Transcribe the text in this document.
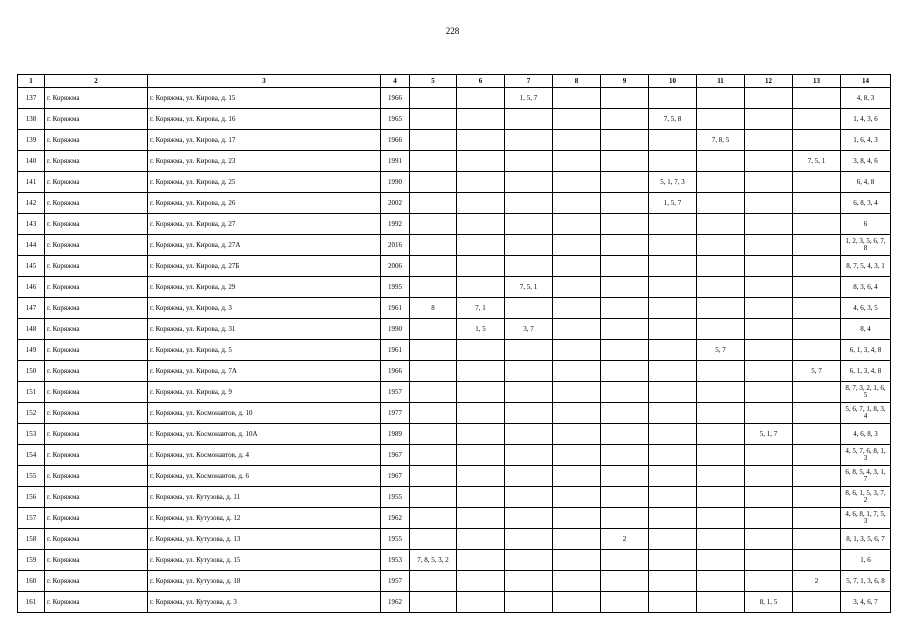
228
1	2	3	4	5	6	7	8	9	10	11	12	13	14
137	г. Коряжма	г. Коряжма, ул. Кирова, д. 15	1966			1, 5, 7							4, 8, 3
138	г. Коряжма	г. Коряжма, ул. Кирова, д. 16	1965						7, 5, 8				1, 4, 3, 6
139	г. Коряжма	г. Коряжма, ул. Кирова, д. 17	1966							7, 8, 5			1, 6, 4, 3
140	г. Коряжма	г. Коряжма, ул. Кирова, д. 23	1991									7, 5, 1	3, 8, 4, 6
141	г. Коряжма	г. Коряжма, ул. Кирова, д. 25	1990						5, 1, 7, 3				6, 4, 8
142	г. Коряжма	г. Коряжма, ул. Кирова, д. 26	2002						1, 5, 7				6, 8, 3, 4
143	г. Коряжма	г. Коряжма, ул. Кирова, д. 27	1992										6
144	г. Коряжма	г. Коряжма, ул. Кирова, д. 27А	2016										1, 2, 3, 5, 6, 7, 8
145	г. Коряжма	г. Коряжма, ул. Кирова, д. 27Б	2006										8, 7, 5, 4, 3, 1
146	г. Коряжма	г. Коряжма, ул. Кирова, д. 29	1995			7, 5, 1							8, 3, 6, 4
147	г. Коряжма	г. Коряжма, ул. Кирова, д. 3	1961	8	7, 1								4, 6, 3, 5
148	г. Коряжма	г. Коряжма, ул. Кирова, д. 31	1990		1, 5	3, 7							8, 4
149	г. Коряжма	г. Коряжма, ул. Кирова, д. 5	1961							5, 7			6, 1, 3, 4, 8
150	г. Коряжма	г. Коряжма, ул. Кирова, д. 7А	1966									5, 7	6, 1, 3, 4, 8
151	г. Коряжма	г. Коряжма, ул. Кирова, д. 9	1957										8, 7, 3, 2, 1, 6, 5
152	г. Коряжма	г. Коряжма, ул. Космонавтов, д. 10	1977										5, 6, 7, 1, 8, 3, 4
153	г. Коряжма	г. Коряжма, ул. Космонавтов, д. 10А	1989								5, 1, 7		4, 6, 8, 3
154	г. Коряжма	г. Коряжма, ул. Космонавтов, д. 4	1967										4, 5, 7, 6, 8, 1, 3
155	г. Коряжма	г. Коряжма, ул. Космонавтов, д. 6	1967										6, 8, 5, 4, 3, 1, 7
156	г. Коряжма	г. Коряжма, ул. Кутузова, д. 11	1955										8, 6, 1, 5, 3, 7, 2
157	г. Коряжма	г. Коряжма, ул. Кутузова, д. 12	1962										4, 6, 8, 1, 7, 5, 3
158	г. Коряжма	г. Коряжма, ул. Кутузова, д. 13	1955					2					8, 1, 3, 5, 6, 7
159	г. Коряжма	г. Коряжма, ул. Кутузова, д. 15	1953	7, 8, 5, 3, 2									1, 6
160	г. Коряжма	г. Коряжма, ул. Кутузова, д. 18	1957									2	5, 7, 1, 3, 6, 8
161	г. Коряжма	г. Коряжма, ул. Кутузова, д. 3	1962								8, 1, 5		3, 4, 6, 7
